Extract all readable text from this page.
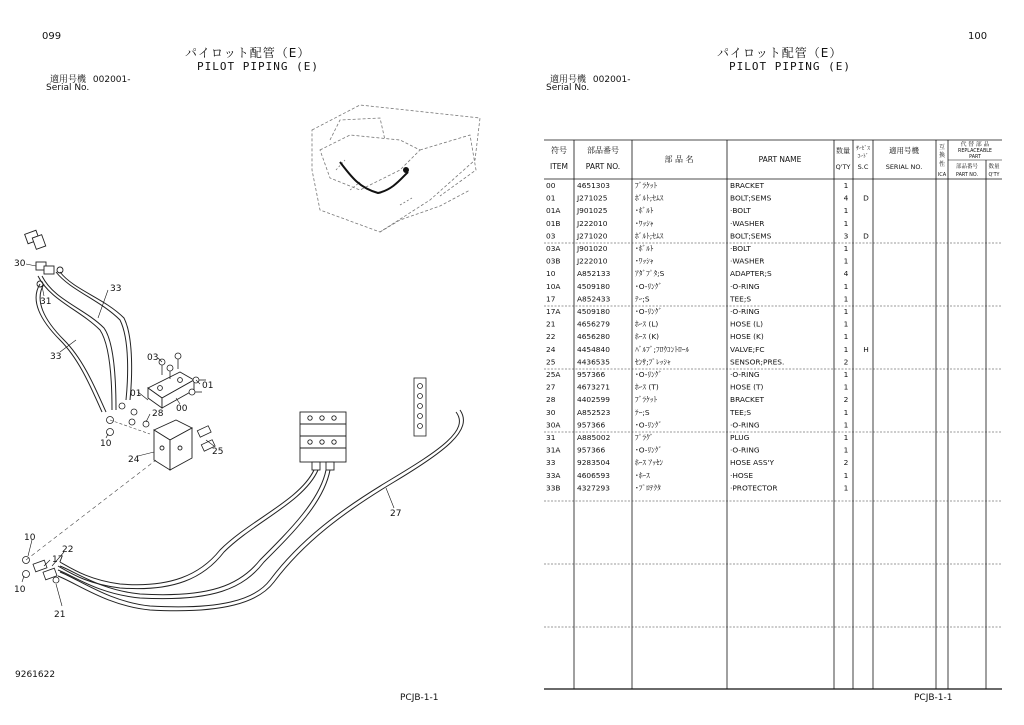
099
パイロット配管（E）
PILOT PIPING (E)
適用号機 002001-
Serial No.
30
31
33
33	03
01
01
00
28
10
24
25
27
10
22
17
10
21
9261622
PCJB-1-1
100
パイロット配管（E）
PILOT PIPING (E)
適用号機 002001-
Serial No.
符号
ITEM
部品番号
PART NO.
部 品 名	PART NAME
数量
Q'TY
ｻｰﾋﾞｽ
ｺｰﾄﾞ
S.C
適用号機
SERIAL NO.
互
換
性
ICA
代 替 部 品
REPLACEABLE
PART
部品番号
PART NO.
数量
Q'TY
00	4651303	ﾌﾞﾗｹｯﾄ	BRACKET	1
01	J271025	ﾎﾞﾙﾄ;ｾﾑｽ	BOLT;SEMS	4 D
01A J901025	･ﾎﾞﾙﾄ	·BOLT	1
01B J222010	･ﾜｯｼｬ	·WASHER	1
03	J271020	ﾎﾞﾙﾄ;ｾﾑｽ	BOLT;SEMS	3 D
03A J901020	･ﾎﾞﾙﾄ	·BOLT	1
03B J222010	･ﾜｯｼｬ	·WASHER	1
10	A852133	ｱﾀﾞﾌﾟﾀ;S	ADAPTER;S	4
10A 4509180	･O-ﾘﾝｸﾞ	·O-RING	1
17	A852433	ﾃｰ;S	TEE;S	1
17A 4509180	･O-ﾘﾝｸﾞ	·O-RING	1
21	4656279	ﾎｰｽ (L)	HOSE (L)	1
22	4656280	ﾎｰｽ (K)	HOSE (K)	1
24	4454840	ﾊﾞﾙﾌﾞ;ﾌﾛｳｺﾝﾄﾛｰﾙ	VALVE;FC	1 H
25	4436535	ｾﾝｻ;ﾌﾟﾚｯｼｬ	SENSOR;PRES.	2
25A 957366	･O-ﾘﾝｸﾞ	·O-RING	1
27	4673271	ﾎｰｽ (T)	HOSE (T)	1
28	4402599	ﾌﾞﾗｹｯﾄ	BRACKET	2
30	A852523	ﾃｰ;S	TEE;S	1
30A 957366	･O-ﾘﾝｸﾞ	·O-RING	1
31	A885002	ﾌﾟﾗｸﾞ	PLUG	1
31A 957366	･O-ﾘﾝｸﾞ	·O-RING	1
33	9283504	ﾎｰｽ ｱｯｾﾝ	HOSE ASS'Y	2
33A 4606593	･ﾎｰｽ	·HOSE	1
33B 4327293	･ﾌﾟﾛﾃｸﾀ	·PROTECTOR	1
PCJB-1-1
